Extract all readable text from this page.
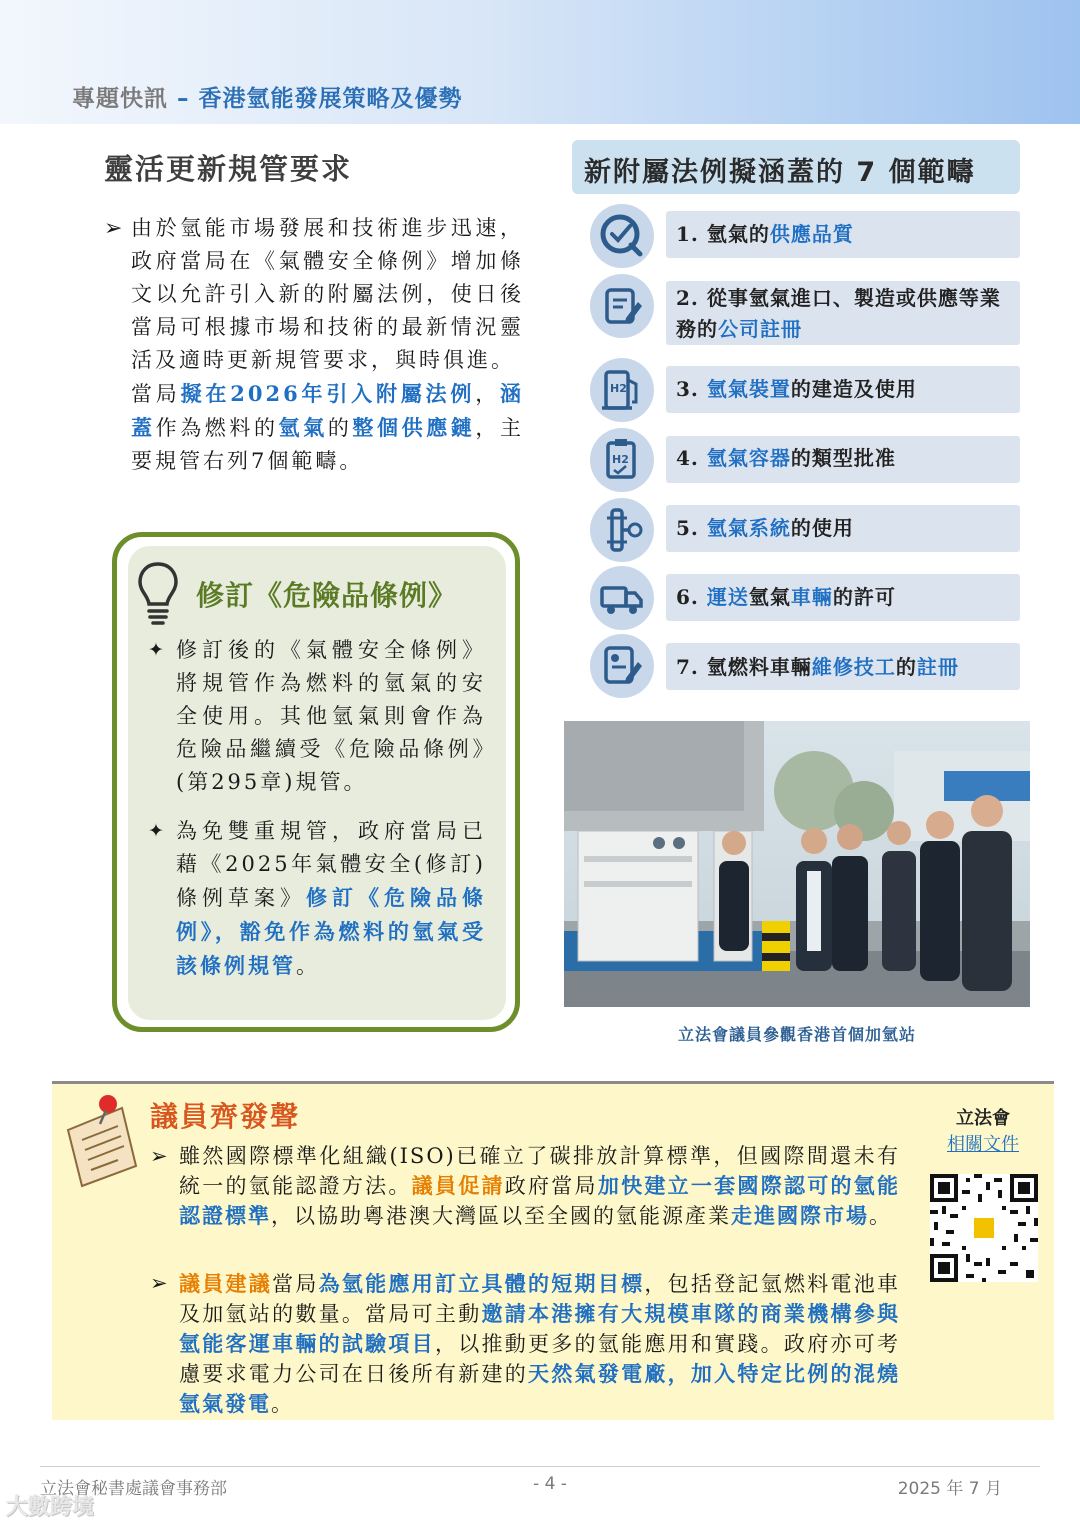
專題快訊 – 香港氫能發展策略及優勢
靈活更新規管要求
➢ 由於氫能市場發展和技術進步迅速，政府當局在《氣體安全條例》增加條文以允許引入新的附屬法例，使日後當局可根據市場和技術的最新情況靈活及適時更新規管要求，與時俱進。
當局擬在2026年引入附屬法例，涵蓋作為燃料的氫氣的整個供應鏈，主要規管右列7個範疇。
修訂《危險品條例》
✦ 修訂後的《氣體安全條例》將規管作為燃料的氫氣的安全使用。其他氫氣則會作為危險品繼續受《危險品條例》(第295章)規管。
✦ 為免雙重規管，政府當局已藉《2025年氣體安全(修訂)條例草案》修訂《危險品條例》，豁免作為燃料的氫氣受該條例規管。
新附屬法例擬涵蓋的 7 個範疇
1. 氫氣的供應品質
2. 從事氫氣進口、製造或供應等業務的公司註冊
H2 3. 氫氣裝置的建造及使用
H2 4. 氫氣容器的類型批准
5. 氫氣系統的使用
6. 運送氫氣車輛的許可
7. 氫燃料車輛維修技工的註冊
立法會議員參觀香港首個加氫站
議員齊發聲
➢ 雖然國際標準化組織(ISO)已確立了碳排放計算標準，但國際間還未有統一的氫能認證方法。議員促請政府當局加快建立一套國際認可的氫能認證標準，以協助粵港澳大灣區以至全國的氫能源產業走進國際市場。
➢ 議員建議當局為氫能應用訂立具體的短期目標，包括登記氫燃料電池車及加氫站的數量。當局可主動邀請本港擁有大規模車隊的商業機構參與氫能客運車輛的試驗項目，以推動更多的氫能應用和實踐。政府亦可考慮要求電力公司在日後所有新建的天然氣發電廠，加入特定比例的混燒氫氣發電。
立法會
相關文件
立法會秘書處議會事務部	- 4 -	2025 年 7 月
大數跨境
